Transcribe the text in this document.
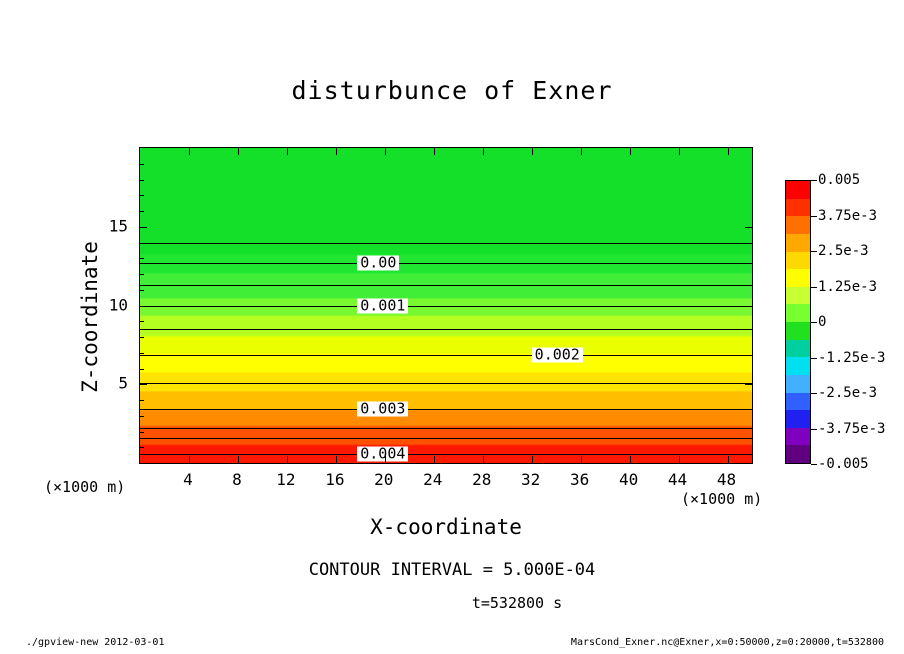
disturbunce of Exner
0.00
0.001
0.002
0.003
0.004
X-coordinate
Z-coordinate
(×1000 m)
(×1000 m)
CONTOUR INTERVAL = 5.000E-04
t=532800 s
./gpview-new 2012-03-01	MarsCond_Exner.nc@Exner,x=0:50000,z=0:20000,t=532800
4 8 12 16 20 24 28 32 36 40 44 48
5
10
15
0.005
3.75e-3
2.5e-3
1.25e-3
0
-1.25e-3
-2.5e-3
-3.75e-3
-0.005
